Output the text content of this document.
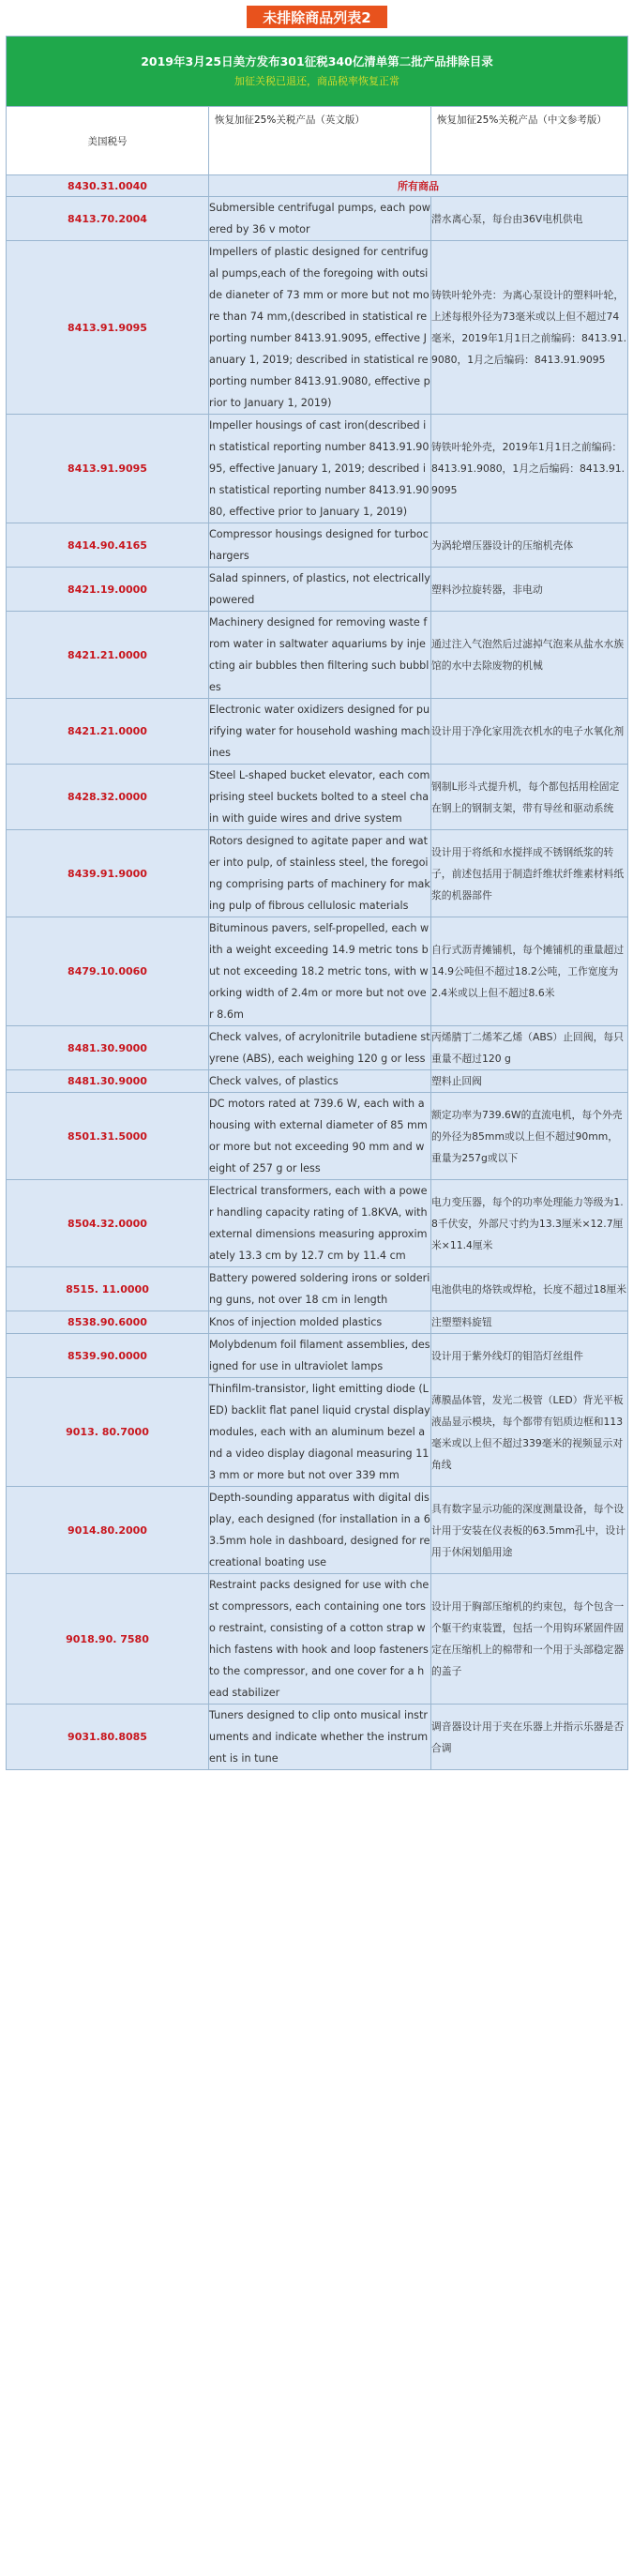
未排除商品列表2
2019年3月25日美方发布301征税340亿清单第二批产品排除目录
加征关税已退还，商品税率恢复正常		

美国税号	恢复加征25%关税产品（英文版）	恢复加征25%关税产品（中文参考版）
8430.31.0040	所有商品	
8413.70.2004	Submersible centrifugal pumps, each powered by 36 v motor	潜水离心泵，每台由36V电机供电
8413.91.9095	Impellers of plastic designed for centrifugal pumps,each of the foregoing with outside dianeter of 73 mm or more but not more than 74 mm,(described in statistical reporting number 8413.91.9095, effective January 1, 2019; described in statistical reporting number 8413.91.9080, effective prior to January 1, 2019)	铸铁叶轮外壳：为离心泵设计的塑料叶轮，上述每根外径为73毫米或以上但不超过74毫米，2019年1月1日之前编码：8413.91.9080，1月之后编码：8413.91.9095
8413.91.9095	Impeller housings of cast iron(described in statistical reporting number 8413.91.9095, effective January 1, 2019; described in statistical reporting number 8413.91.9080, effective prior to January 1, 2019)	铸铁叶轮外壳，2019年1月1日之前编码：8413.91.9080，1月之后编码：8413.91.9095
8414.90.4165	Compressor housings designed for turbochargers	为涡轮增压器设计的压缩机壳体
8421.19.0000	Salad spinners, of plastics, not electrically powered	塑料沙拉旋转器，非电动
8421.21.0000	Machinery designed for removing waste from water in saltwater aquariums by injecting air bubbles then filtering such bubbles	通过注入气泡然后过滤掉气泡来从盐水水族馆的水中去除废物的机械
8421.21.0000	Electronic water oxidizers designed for purifying water for household washing machines	设计用于净化家用洗衣机水的电子水氧化剂
8428.32.0000	Steel L-shaped bucket elevator, each comprising steel buckets bolted to a steel chain with guide wires and drive system	钢制L形斗式提升机，每个都包括用栓固定在钢上的钢制支架，带有导丝和驱动系统
8439.91.9000	Rotors designed to agitate paper and water into pulp, of stainless steel, the foregoing comprising parts of machinery for making pulp of fibrous cellulosic materials	设计用于将纸和水搅拌成不锈钢纸浆的转子，前述包括用于制造纤维状纤维素材料纸浆的机器部件
8479.10.0060	Bituminous pavers, self-propelled, each with a weight exceeding 14.9 metric tons but not exceeding 18.2 metric tons, with working width of 2.4m or more but not over 8.6m	自行式沥青摊铺机，每个摊铺机的重量超过14.9公吨但不超过18.2公吨，工作宽度为2.4米或以上但不超过8.6米
8481.30.9000	Check valves, of acrylonitrile butadiene styrene (ABS), each weighing 120 g or less	丙烯腈丁二烯苯乙烯（ABS）止回阀，每只重量不超过120 g
8481.30.9000	Check valves, of plastics	塑料止回阀
8501.31.5000	DC motors rated at 739.6 W, each with a housing with external diameter of 85 mm or more but not exceeding 90 mm and weight of 257 g or less	额定功率为739.6W的直流电机，每个外壳的外径为85mm或以上但不超过90mm，重量为257g或以下
8504.32.0000	Electrical transformers, each with a power handling capacity rating of 1.8KVA, with external dimensions measuring approximately 13.3 cm by 12.7 cm by 11.4 cm	电力变压器，每个的功率处理能力等级为1.8千伏安，外部尺寸约为13.3厘米×12.7厘米×11.4厘米
8515. 11.0000	Battery powered soldering irons or soldering guns, not over 18 cm in length	电池供电的烙铁或焊枪，长度不超过18厘米
8538.90.6000	Knos of injection molded plastics	注塑塑料旋钮
8539.90.0000	Molybdenum foil filament assemblies, designed for use in ultraviolet lamps	设计用于紫外线灯的钼箔灯丝组件
9013. 80.7000	Thinfilm-transistor, light emitting diode (LED) backlit flat panel liquid crystal display modules, each with an aluminum bezel and a video display diagonal measuring 113 mm or more but not over 339 mm	薄膜晶体管，发光二极管（LED）背光平板液晶显示模块，每个都带有铝质边框和113毫米或以上但不超过339毫米的视频显示对角线
9014.80.2000	Depth-sounding apparatus with digital display, each designed (for installation in a 63.5mm hole in dashboard, designed for recreational boating use	具有数字显示功能的深度测量设备，每个设计用于安装在仪表板的63.5mm孔中，设计用于休闲划船用途
9018.90. 7580	Restraint packs designed for use with chest compressors, each containing one torso restraint, consisting of a cotton strap which fastens with hook and loop fasteners to the compressor, and one cover for a head stabilizer	设计用于胸部压缩机的约束包，每个包含一个躯干约束装置，包括一个用钩环紧固件固定在压缩机上的棉带和一个用于头部稳定器的盖子
9031.80.8085	Tuners designed to clip onto musical instruments and indicate whether the instrument is in tune	调音器设计用于夹在乐器上并指示乐器是否合调
